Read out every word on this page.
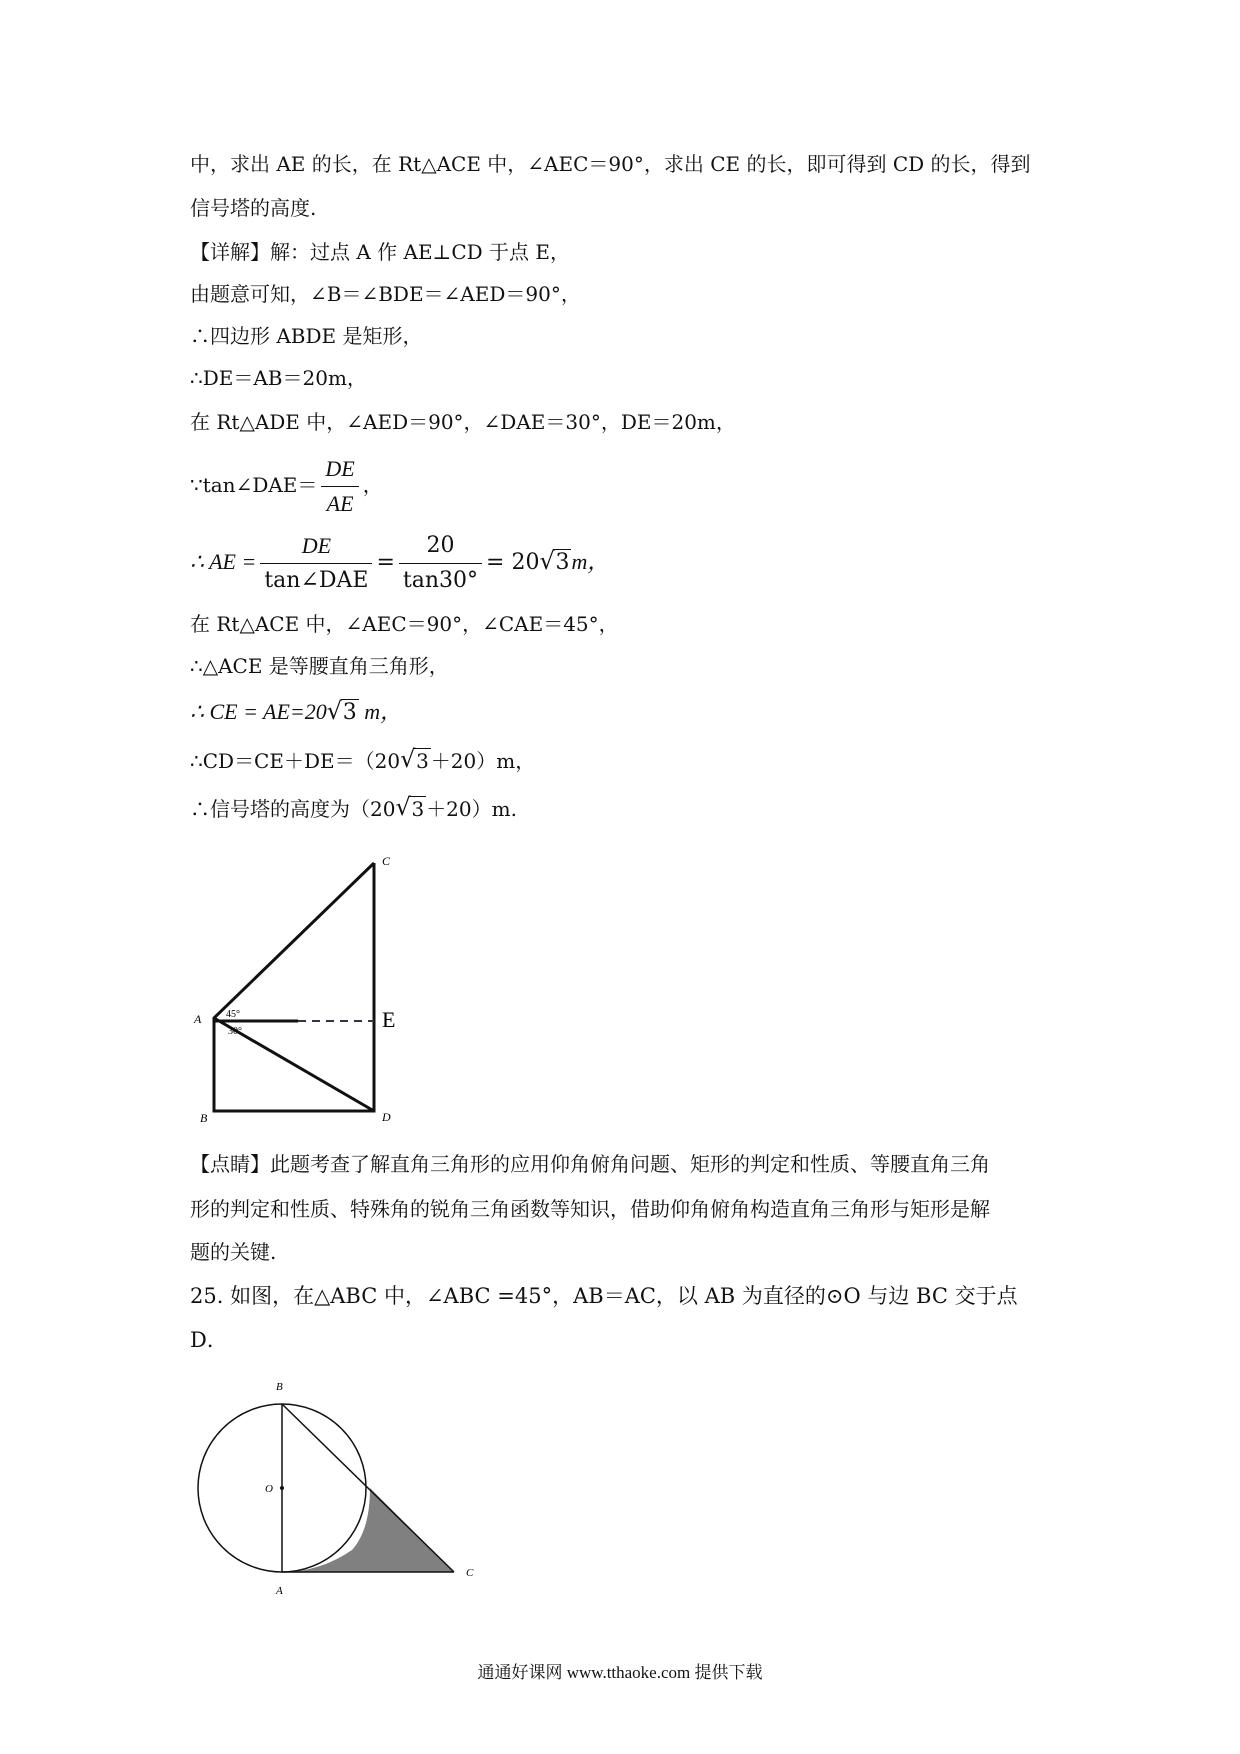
中，求出 AE 的长，在 Rt△ACE 中，∠AEC＝90°，求出 CE 的长，即可得到 CD 的长，得到
信号塔的高度.
【详解】解：过点 A 作 AE⊥CD 于点 E，
由题意可知，∠B＝∠BDE＝∠AED＝90°，
∴四边形 ABDE 是矩形，
∴DE＝AB＝20m，
在 Rt△ADE 中，∠AED＝90°，∠DAE＝30°，DE＝20m，
∵tan∠DAE＝ $\frac{DE}{AE}$ ，
∴ AE = $\frac{DE}{\text{tan∠DAE}} = \frac{20}{\tan 30^\circ} = 20√$ 3m，
在 Rt△ACE 中，∠AEC＝90°，∠CAE＝45°，
∴△ACE 是等腰直角三角形，
∴ CE = AE=20√ 3 m，
∴CD＝CE＋DE＝（20√ 3 ＋20）m，
∴信号塔的高度为（20√ 3 ＋20）m.
C
A	E
B	D
45°
30°
【点睛】此题考查了解直角三角形的应用仰角俯角问题、矩形的判定和性质、等腰直角三角
形的判定和性质、特殊角的锐角三角函数等知识，借助仰角俯角构造直角三角形与矩形是解
题的关键.
25. 如图，在△ABC 中，∠ABC =45°，AB＝AC，以 AB 为直径的⊙O 与边 BC 交于点
D．
B
O
A
C
通通好课网 www.tthaoke.com 提供下载
